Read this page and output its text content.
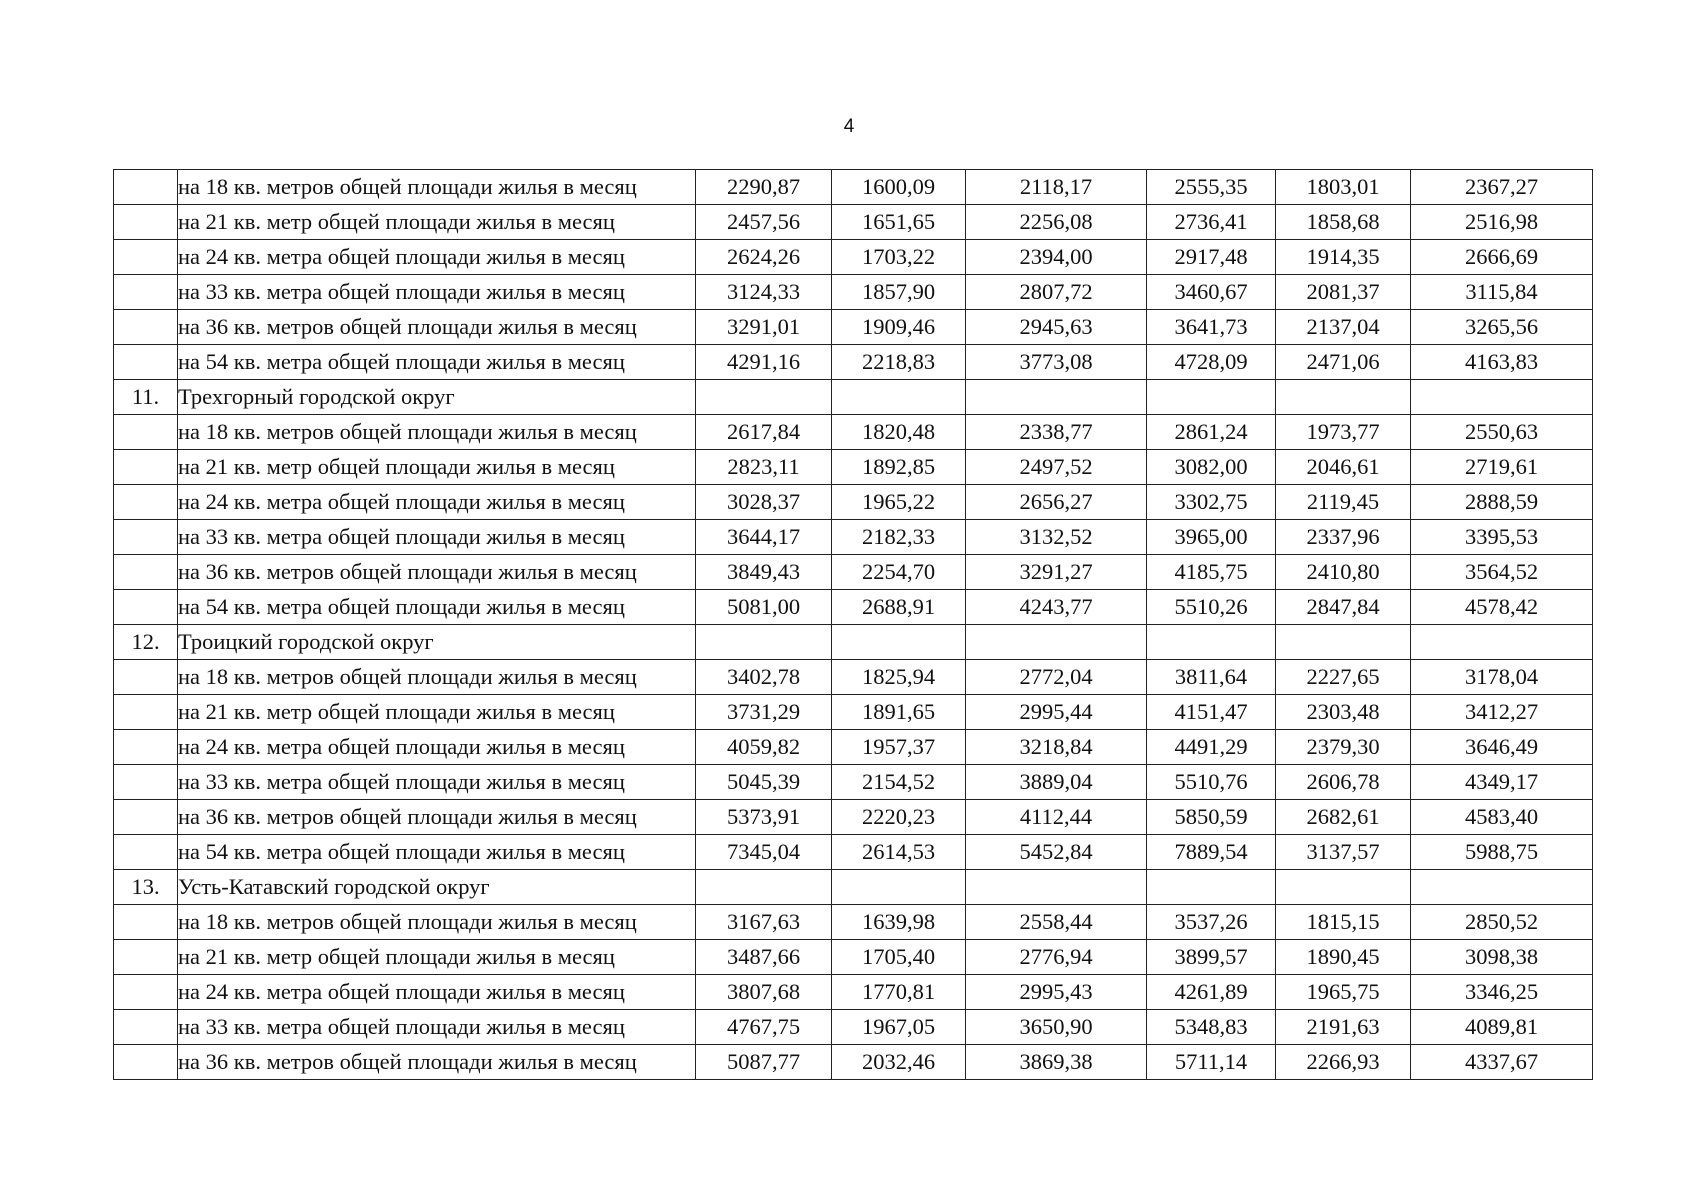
4
	на 18 кв. метров общей площади жилья в месяц	2290,87	1600,09	2118,17	2555,35	1803,01	2367,27
	на 21 кв. метр общей площади жилья в месяц	2457,56	1651,65	2256,08	2736,41	1858,68	2516,98
	на 24 кв. метра общей площади жилья в месяц	2624,26	1703,22	2394,00	2917,48	1914,35	2666,69
	на 33 кв. метра общей площади жилья в месяц	3124,33	1857,90	2807,72	3460,67	2081,37	3115,84
	на 36 кв. метров общей площади жилья в месяц	3291,01	1909,46	2945,63	3641,73	2137,04	3265,56
	на 54 кв. метра общей площади жилья в месяц	4291,16	2218,83	3773,08	4728,09	2471,06	4163,83
11.	Трехгорный городской округ						
	на 18 кв. метров общей площади жилья в месяц	2617,84	1820,48	2338,77	2861,24	1973,77	2550,63
	на 21 кв. метр общей площади жилья в месяц	2823,11	1892,85	2497,52	3082,00	2046,61	2719,61
	на 24 кв. метра общей площади жилья в месяц	3028,37	1965,22	2656,27	3302,75	2119,45	2888,59
	на 33 кв. метра общей площади жилья в месяц	3644,17	2182,33	3132,52	3965,00	2337,96	3395,53
	на 36 кв. метров общей площади жилья в месяц	3849,43	2254,70	3291,27	4185,75	2410,80	3564,52
	на 54 кв. метра общей площади жилья в месяц	5081,00	2688,91	4243,77	5510,26	2847,84	4578,42
12.	Троицкий городской округ						
	на 18 кв. метров общей площади жилья в месяц	3402,78	1825,94	2772,04	3811,64	2227,65	3178,04
	на 21 кв. метр общей площади жилья в месяц	3731,29	1891,65	2995,44	4151,47	2303,48	3412,27
	на 24 кв. метра общей площади жилья в месяц	4059,82	1957,37	3218,84	4491,29	2379,30	3646,49
	на 33 кв. метра общей площади жилья в месяц	5045,39	2154,52	3889,04	5510,76	2606,78	4349,17
	на 36 кв. метров общей площади жилья в месяц	5373,91	2220,23	4112,44	5850,59	2682,61	4583,40
	на 54 кв. метра общей площади жилья в месяц	7345,04	2614,53	5452,84	7889,54	3137,57	5988,75
13.	Усть-Катавский городской округ						
	на 18 кв. метров общей площади жилья в месяц	3167,63	1639,98	2558,44	3537,26	1815,15	2850,52
	на 21 кв. метр общей площади жилья в месяц	3487,66	1705,40	2776,94	3899,57	1890,45	3098,38
	на 24 кв. метра общей площади жилья в месяц	3807,68	1770,81	2995,43	4261,89	1965,75	3346,25
	на 33 кв. метра общей площади жилья в месяц	4767,75	1967,05	3650,90	5348,83	2191,63	4089,81
	на 36 кв. метров общей площади жилья в месяц	5087,77	2032,46	3869,38	5711,14	2266,93	4337,67
